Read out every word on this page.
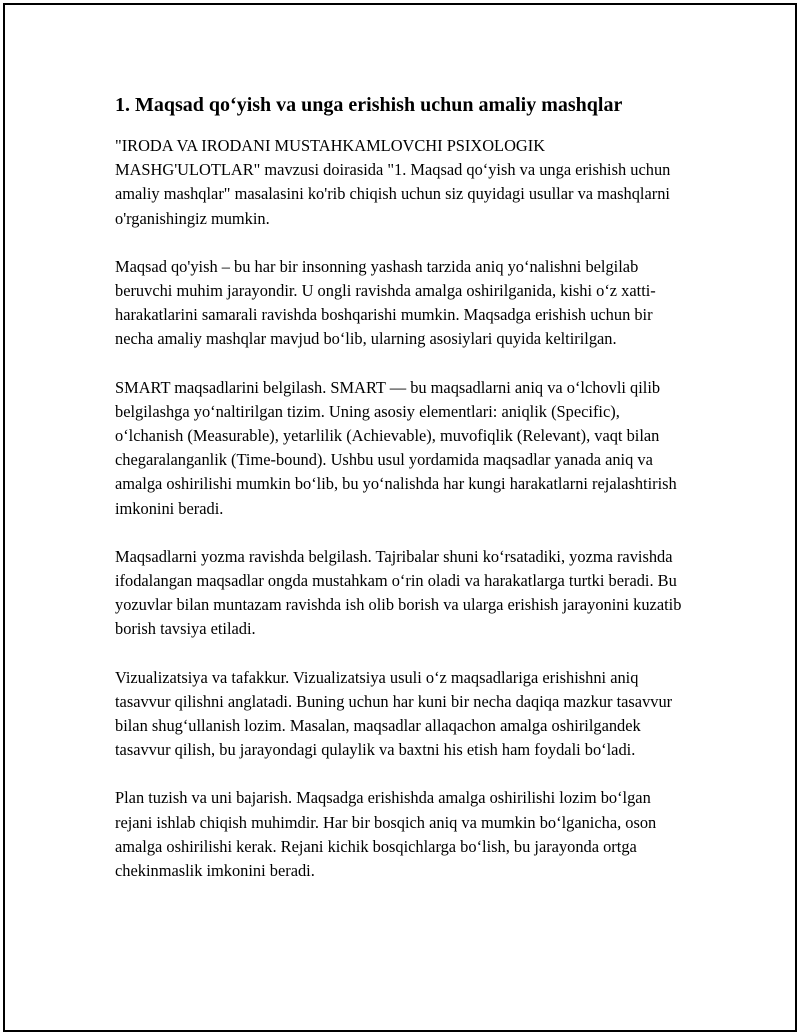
1. Maqsad qo‘yish va unga erishish uchun amaliy mashqlar

"IRODA VA IRODANI MUSTAHKAMLOVCHI PSIXOLOGIK MASHG'ULOTLAR" mavzusi doirasida "1. Maqsad qo‘yish va unga erishish uchun amaliy mashqlar" masalasini ko'rib chiqish uchun siz quyidagi usullar va mashqlarni o'rganishingiz mumkin.

Maqsad qo'yish – bu har bir insonning yashash tarzida aniq yo‘nalishni belgilab beruvchi muhim jarayondir. U ongli ravishda amalga oshirilganida, kishi o‘z xatti-harakatlarini samarali ravishda boshqarishi mumkin. Maqsadga erishish uchun bir necha amaliy mashqlar mavjud bo‘lib, ularning asosiylari quyida keltirilgan.

SMART maqsadlarini belgilash. SMART — bu maqsadlarni aniq va o‘lchovli qilib belgilashga yo‘naltirilgan tizim. Uning asosiy elementlari: aniqlik (Specific), o‘lchanish (Measurable), yetarlilik (Achievable), muvofiqlik (Relevant), vaqt bilan chegaralanganlik (Time-bound). Ushbu usul yordamida maqsadlar yanada aniq va amalga oshirilishi mumkin bo‘lib, bu yo‘nalishda har kungi harakatlarni rejalashtirish imkonini beradi.

Maqsadlarni yozma ravishda belgilash. Tajribalar shuni ko‘rsatadiki, yozma ravishda ifodalangan maqsadlar ongda mustahkam o‘rin oladi va harakatlarga turtki beradi. Bu yozuvlar bilan muntazam ravishda ish olib borish va ularga erishish jarayonini kuzatib borish tavsiya etiladi.

Vizualizatsiya va tafakkur. Vizualizatsiya usuli o‘z maqsadlariga erishishni aniq tasavvur qilishni anglatadi. Buning uchun har kuni bir necha daqiqa mazkur tasavvur bilan shug‘ullanish lozim. Masalan, maqsadlar allaqachon amalga oshirilgandek tasavvur qilish, bu jarayondagi qulaylik va baxtni his etish ham foydali bo‘ladi.

Plan tuzish va uni bajarish. Maqsadga erishishda amalga oshirilishi lozim bo‘lgan rejani ishlab chiqish muhimdir. Har bir bosqich aniq va mumkin bo‘lganicha, oson amalga oshirilishi kerak. Rejani kichik bosqichlarga bo‘lish, bu jarayonda ortga chekinmaslik imkonini beradi.
